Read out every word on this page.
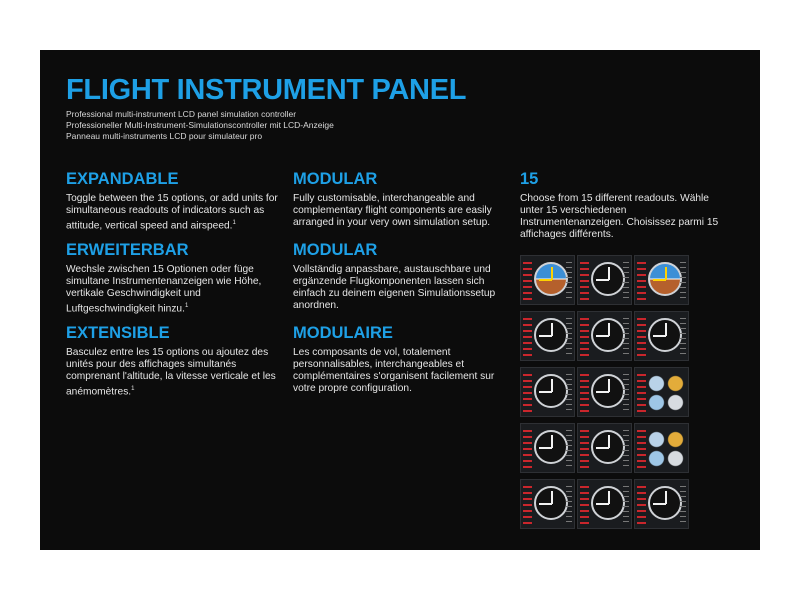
FLIGHT INSTRUMENT PANEL
Professional multi-instrument LCD panel simulation controller
Professioneller Multi-Instrument-Simulationscontroller mit LCD-Anzeige
Panneau multi-instruments LCD pour simulateur pro
EXPANDABLE

Toggle between the 15 options, or add units for simultaneous readouts of indicators such as attitude, vertical speed and airspeed.$^1$

ERWEITERBAR

Wechsle zwischen 15 Optionen oder füge simultane Instrumentenanzeigen wie Höhe, vertikale Geschwindigkeit und Luftgeschwindigkeit hinzu.$^1$

EXTENSIBLE

Basculez entre les 15 options ou ajoutez des unités pour des affichages simultanés comprenant l'altitude, la vitesse verticale et les anémomètres.$^1$

MODULAR

Fully customisable, interchangeable and complementary flight components are easily arranged in your very own simulation setup.

MODULAR

Vollständig anpassbare, austauschbare und ergänzende Flugkomponenten lassen sich einfach zu deinem eigenen Simulationssetup anordnen.

MODULAIRE

Les composants de vol, totalement personnalisables, interchangeables et complémentaires s'organisent facilement sur votre propre configuration.

15

Choose from 15 different readouts. Wähle unter 15 verschiedenen Instrumentenanzeigen. Choisissez parmi 15 affichages différents.
